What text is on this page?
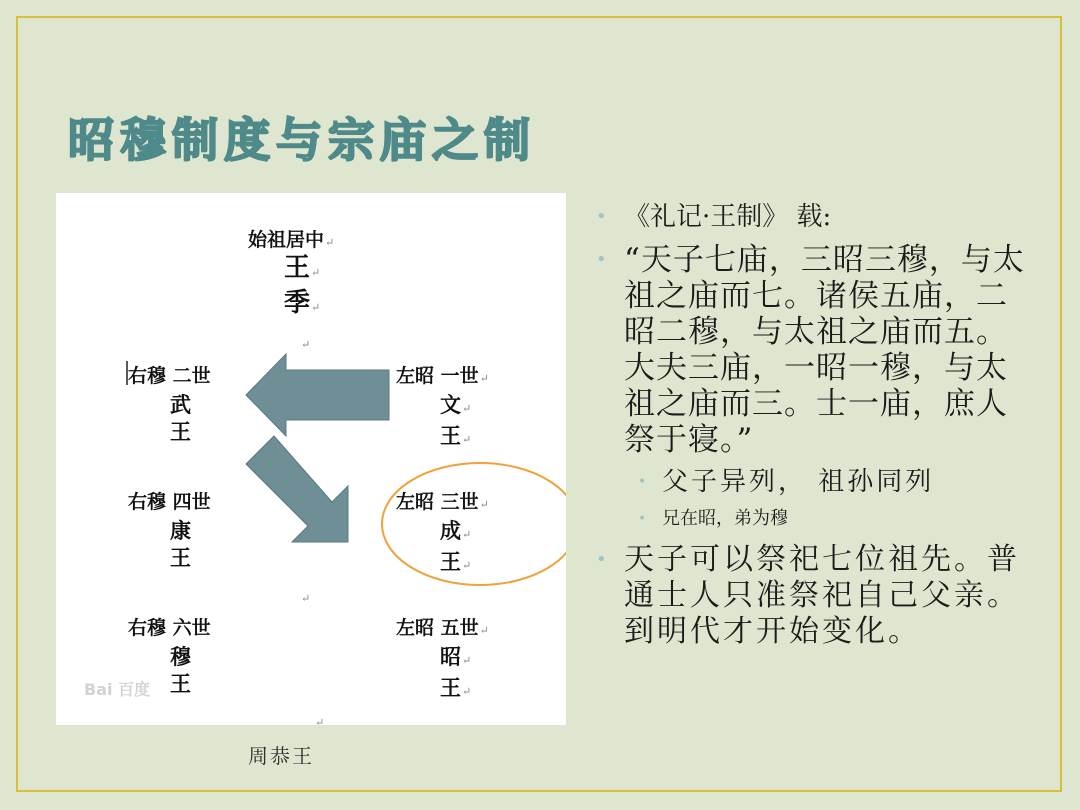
昭穆制度与宗庙之制
始祖居中↵
王↵
季↵
↵
右穆 二世
武
王
左昭 一世↵
文↵
王↵
右穆 四世
康
王
左昭 三世↵
成↵
王↵
↵
右穆 六世
穆
王
左昭 五世↵
昭↵
王↵
Bai 百度
↵
周恭王

• 《礼记·王制》 载:

• “天子七庙，三昭三穆，与太祖之庙而七。诸侯五庙，二昭二穆，与太祖之庙而五。大夫三庙，一昭一穆，与太祖之庙而三。士一庙，庶人祭于寝。”

• 父子异列， 祖孙同列

• 兄在昭，弟为穆

• 天子可以祭祀七位祖先。普通士人只准祭祀自己父亲。到明代才开始变化。
